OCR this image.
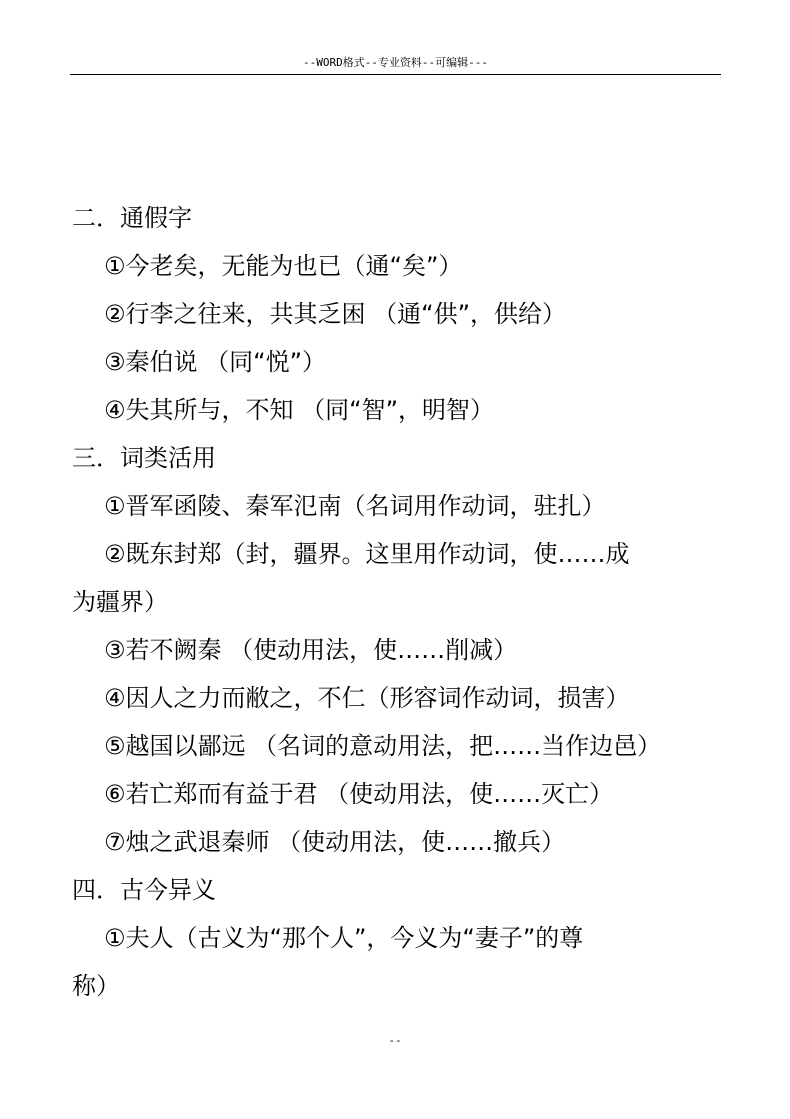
--WORD格式--专业资料--可编辑---
二．通假字
①今老矣，无能为也已（通“矣”）
②行李之往来，共其乏困 （通“供”，供给）
③秦伯说 （同“悦”）
④失其所与，不知 （同“智”，明智）
三．词类活用
①晋军函陵、秦军氾南（名词用作动词，驻扎）
②既东封郑（封，疆界。这里用作动词，使……成
为疆界）
③若不阙秦 （使动用法，使……削减）
④因人之力而敝之，不仁（形容词作动词，损害）
⑤越国以鄙远 （名词的意动用法，把……当作边邑）
⑥若亡郑而有益于君 （使动用法，使……灭亡）
⑦烛之武退秦师 （使动用法，使……撤兵）
四．古今异义
①夫人（古义为“那个人”，今义为“妻子”的尊
称）
--
